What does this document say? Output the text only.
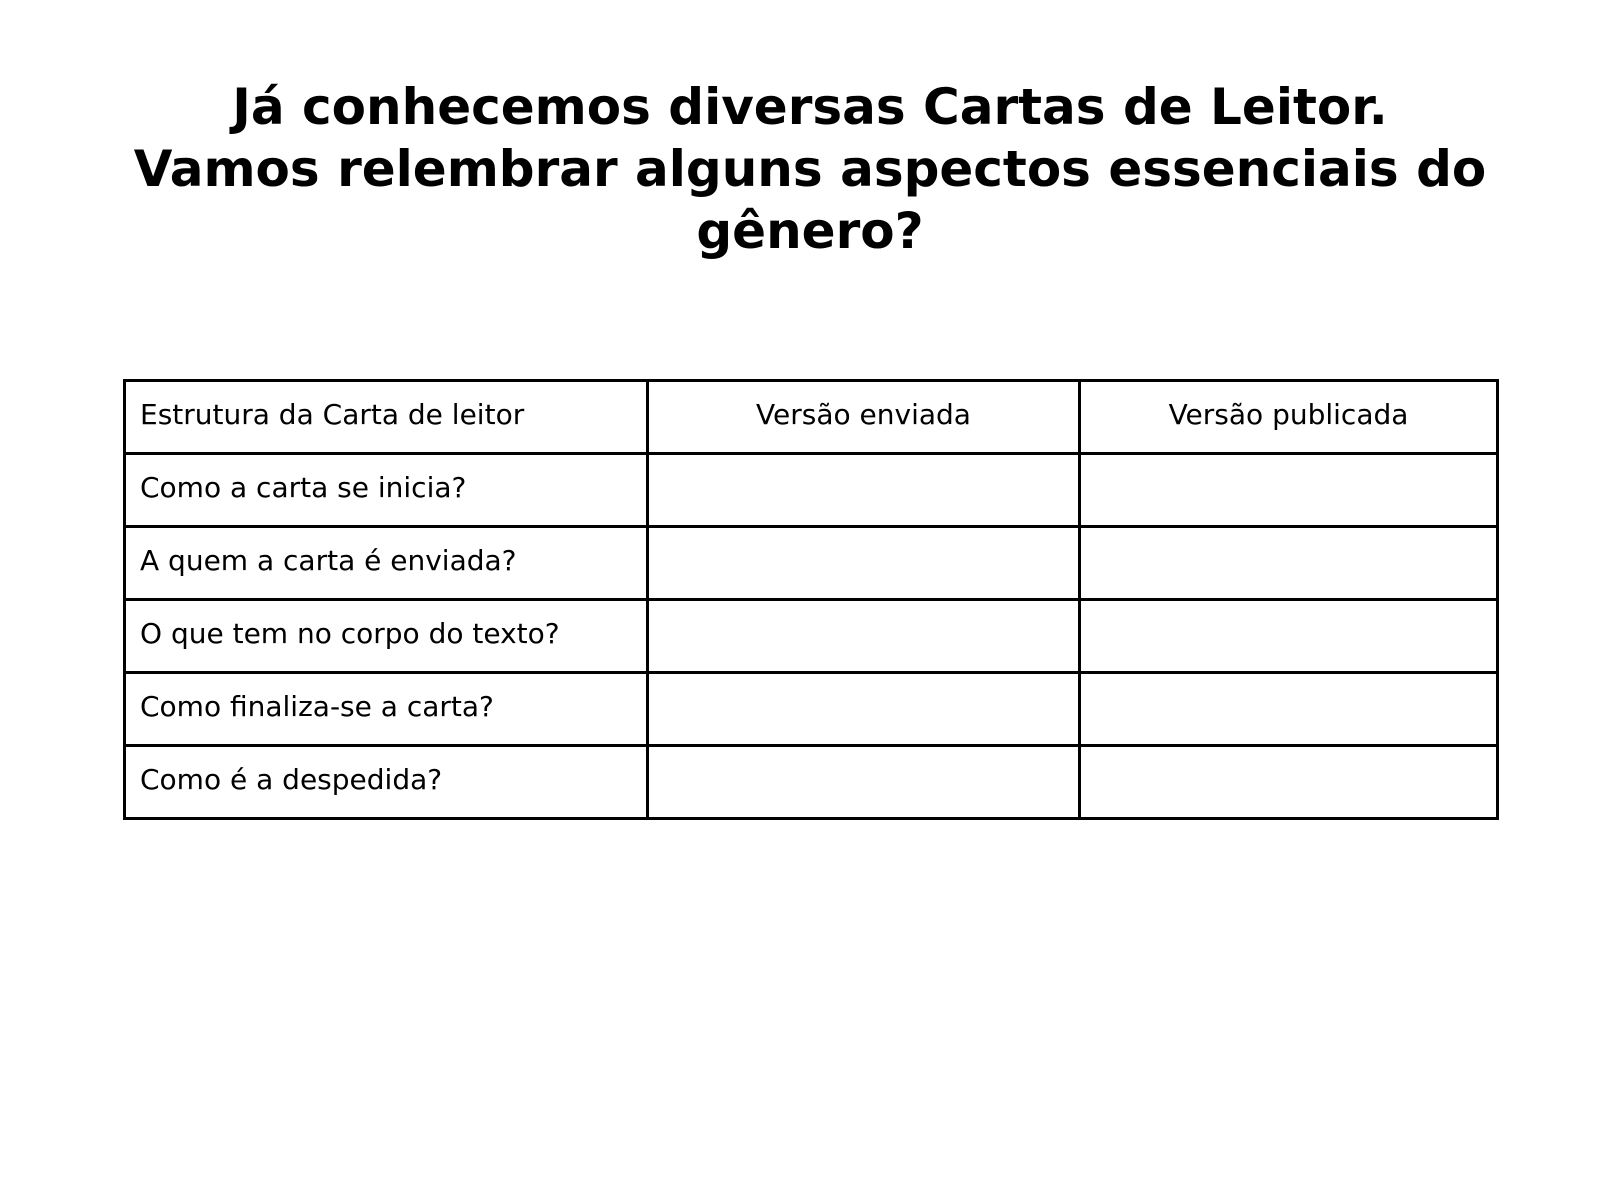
Já conhecemos diversas Cartas de Leitor.
Vamos relembrar alguns aspectos essenciais do
gênero?
Estrutura da Carta de leitor	Versão enviada	Versão publicada
Como a carta se inicia?		
A quem a carta é enviada?		
O que tem no corpo do texto?		
Como finaliza-se a carta?		
Como é a despedida?		
